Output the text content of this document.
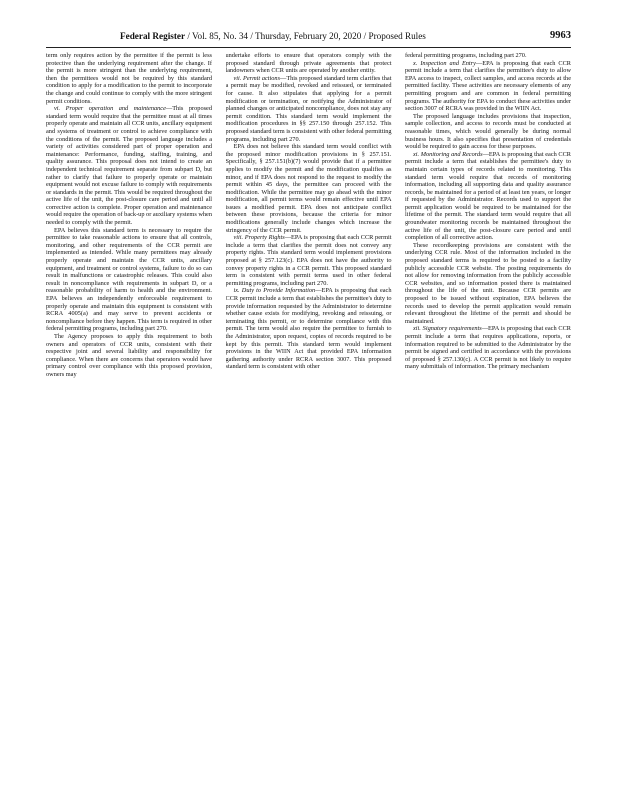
Federal Register / Vol. 85, No. 34 / Thursday, February 20, 2020 / Proposed Rules	9963

term only requires action by the permittee if the permit is less protective than the underlying requirement after the change. If the permit is more stringent than the underlying requirement, then the permittees would not be required by this standard condition to apply for a modification to the permit to incorporate the change and could continue to comply with the more stringent permit conditions.

vi. Proper operation and maintenance—This proposed standard term would require that the permittee must at all times properly operate and maintain all CCR units, ancillary equipment and systems of treatment or control to achieve compliance with the conditions of the permit. The proposed language includes a variety of activities considered part of proper operation and maintenance: Performance, funding, staffing, training, and quality assurance. This proposal does not intend to create an independent technical requirement separate from subpart D, but rather to clarify that failure to properly operate or maintain equipment would not excuse failure to comply with requirements or standards in the permit. This would be required throughout the active life of the unit, the post-closure care period and until all corrective action is complete. Proper operation and maintenance would require the operation of back-up or auxiliary systems when needed to comply with the permit.

EPA believes this standard term is necessary to require the permittee to take reasonable actions to ensure that all controls, monitoring, and other requirements of the CCR permit are implemented as intended. While many permittees may already properly operate and maintain the CCR units, ancillary equipment, and treatment or control systems, failure to do so can result in malfunctions or catastrophic releases. This could also result in noncompliance with requirements in subpart D, or a reasonable probability of harm to health and the environment. EPA believes an independently enforceable requirement to properly operate and maintain this equipment is consistent with RCRA 4005(a) and may serve to prevent accidents or noncompliance before they happen. This term is required in other federal permitting programs, including part 270.

The Agency proposes to apply this requirement to both owners and operators of CCR units, consistent with their respective joint and several liability and responsibility for compliance. When there are concerns that operators would have primary control over compliance with this proposed provision, owners may

undertake efforts to ensure that operators comply with the proposed standard through private agreements that protect landowners when CCR units are operated by another entity.

vii. Permit actions—This proposed standard term clarifies that a permit may be modified, revoked and reissued, or terminated for cause. It also stipulates that applying for a permit modification or termination, or notifying the Administrator of planned changes or anticipated noncompliance, does not stay any permit condition. This standard term would implement the modification procedures in §§ 257.150 through 257.152. This proposed standard term is consistent with other federal permitting programs, including part 270.

EPA does not believe this standard term would conflict with the proposed minor modification provisions in § 257.151. Specifically, § 257.151(b)(7) would provide that if a permittee applies to modify the permit and the modification qualifies as minor, and if EPA does not respond to the request to modify the permit within 45 days, the permittee can proceed with the modification. While the permittee may go ahead with the minor modification, all permit terms would remain effective until EPA issues a modified permit. EPA does not anticipate conflict between these provisions, because the criteria for minor modifications generally include changes which increase the stringency of the CCR permit.

viii. Property Rights—EPA is proposing that each CCR permit include a term that clarifies the permit does not convey any property rights. This standard term would implement provisions proposed at § 257.123(c). EPA does not have the authority to convey property rights in a CCR permit. This proposed standard term is consistent with permit terms used in other federal permitting programs, including part 270.

ix. Duty to Provide Information—EPA is proposing that each CCR permit include a term that establishes the permittee's duty to provide information requested by the Administrator to determine whether cause exists for modifying, revoking and reissuing, or terminating this permit, or to determine compliance with this permit. The term would also require the permittee to furnish to the Administrator, upon request, copies of records required to be kept by this permit. This standard term would implement provisions in the WIIN Act that provided EPA information gathering authority under RCRA section 3007. This proposed standard term is consistent with other

federal permitting programs, including part 270.

x. Inspection and Entry—EPA is proposing that each CCR permit include a term that clarifies the permittee's duty to allow EPA access to inspect, collect samples, and access records at the permitted facility. These activities are necessary elements of any permitting program and are common in federal permitting programs. The authority for EPA to conduct these activities under section 3007 of RCRA was provided in the WIIN Act.

The proposed language includes provisions that inspection, sample collection, and access to records must be conducted at reasonable times, which would generally be during normal business hours. It also specifies that presentation of credentials would be required to gain access for these purposes.

xi. Monitoring and Records—EPA is proposing that each CCR permit include a term that establishes the permittee's duty to maintain certain types of records related to monitoring. This standard term would require that records of monitoring information, including all supporting data and quality assurance records, be maintained for a period of at least ten years, or longer if requested by the Administrator. Records used to support the permit application would be required to be maintained for the lifetime of the permit. The standard term would require that all groundwater monitoring records be maintained throughout the active life of the unit, the post-closure care period and until completion of all corrective action.

These recordkeeping provisions are consistent with the underlying CCR rule. Most of the information included in the proposed standard terms is required to be posted to a facility publicly accessible CCR website. The posting requirements do not allow for removing information from the publicly accessible CCR websites, and so information posted there is maintained throughout the life of the unit. Because CCR permits are proposed to be issued without expiration, EPA believes the records used to develop the permit application would remain relevant throughout the lifetime of the permit and should be maintained.

xii. Signatory requirements—EPA is proposing that each CCR permit include a term that requires applications, reports, or information required to be submitted to the Administrator by the permit be signed and certified in accordance with the provisions of proposed § 257.130(c). A CCR permit is not likely to require many submittals of information. The primary mechanism
